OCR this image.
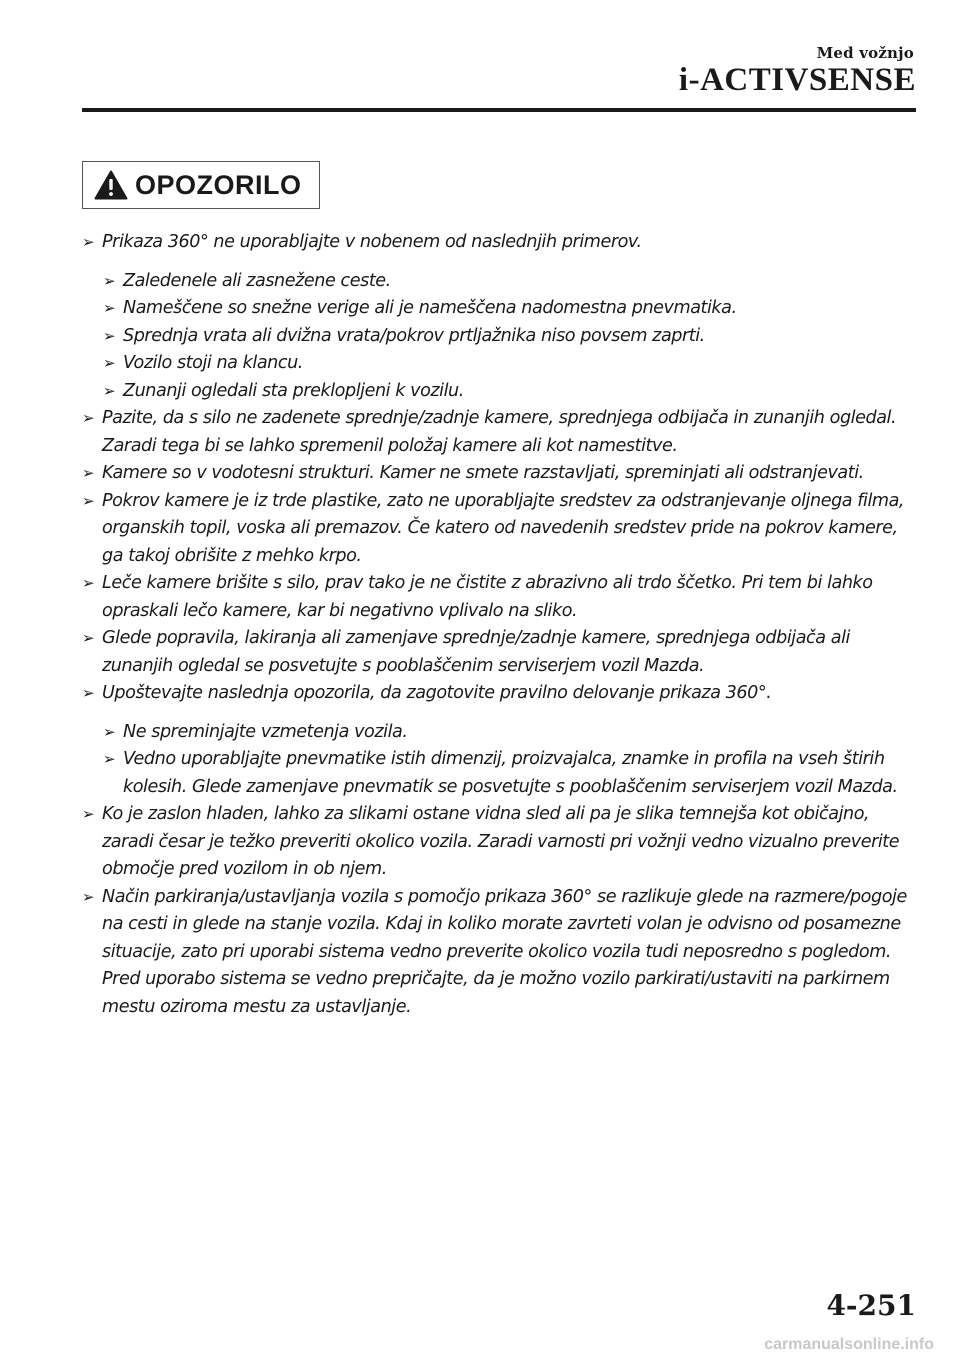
Med vožnjo
i-ACTIVSENSE
OPOZORILO
➢ Prikaza 360° ne uporabljajte v nobenem od naslednjih primerov.
➢ Zaledenele ali zasnežene ceste.
➢ Nameščene so snežne verige ali je nameščena nadomestna pnevmatika.
➢ Sprednja vrata ali dvižna vrata/pokrov prtljažnika niso povsem zaprti.
➢ Vozilo stoji na klancu.
➢ Zunanji ogledali sta preklopljeni k vozilu.
➢ Pazite, da s silo ne zadenete sprednje/zadnje kamere, sprednjega odbijača in zunanjih ogledal. Zaradi tega bi se lahko spremenil položaj kamere ali kot namestitve.
➢ Kamere so v vodotesni strukturi. Kamer ne smete razstavljati, spreminjati ali odstranjevati.
➢ Pokrov kamere je iz trde plastike, zato ne uporabljajte sredstev za odstranjevanje oljnega filma, organskih topil, voska ali premazov. Če katero od navedenih sredstev pride na pokrov kamere, ga takoj obrišite z mehko krpo.
➢ Leče kamere brišite s silo, prav tako je ne čistite z abrazivno ali trdo ščetko. Pri tem bi lahko opraskali lečo kamere, kar bi negativno vplivalo na sliko.
➢ Glede popravila, lakiranja ali zamenjave sprednje/zadnje kamere, sprednjega odbijača ali zunanjih ogledal se posvetujte s pooblaščenim serviserjem vozil Mazda.
➢ Upoštevajte naslednja opozorila, da zagotovite pravilno delovanje prikaza 360°.
➢ Ne spreminjajte vzmetenja vozila.
➢ Vedno uporabljajte pnevmatike istih dimenzij, proizvajalca, znamke in profila na vseh štirih kolesih. Glede zamenjave pnevmatik se posvetujte s pooblaščenim serviserjem vozil Mazda.
➢ Ko je zaslon hladen, lahko za slikami ostane vidna sled ali pa je slika temnejša kot običajno, zaradi česar je težko preveriti okolico vozila. Zaradi varnosti pri vožnji vedno vizualno preverite območje pred vozilom in ob njem.
➢ Način parkiranja/ustavljanja vozila s pomočjo prikaza 360° se razlikuje glede na razmere/pogoje na cesti in glede na stanje vozila. Kdaj in koliko morate zavrteti volan je odvisno od posamezne situacije, zato pri uporabi sistema vedno preverite okolico vozila tudi neposredno s pogledom.
Pred uporabo sistema se vedno prepričajte, da je možno vozilo parkirati/ustaviti na parkirnem mestu oziroma mestu za ustavljanje.
4-251
carmanualsonline.info
